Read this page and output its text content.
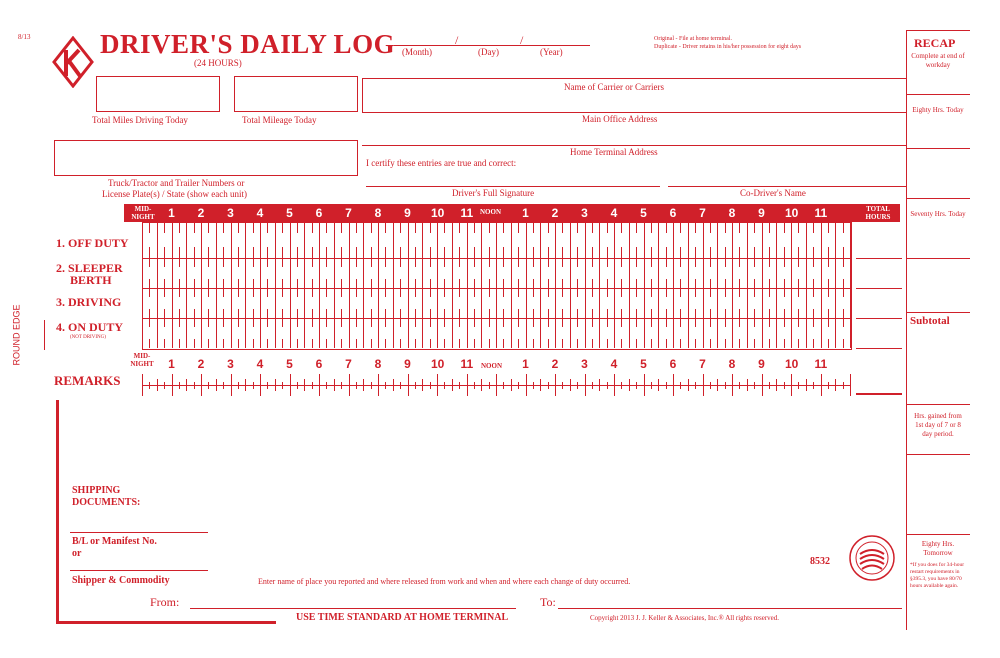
8/13
ROUND EDGE
DRIVER'S DAILY LOG
(24 HOURS)
/	/
(Month)	(Day)	(Year)
Original - File at home terminal.
Duplicate - Driver retains in his/her possession for eight days
Total Miles Driving Today	Total Mileage Today
Name of Carrier or Carriers
Main Office Address
Home Terminal Address
I certify these entries are true and correct:
Truck/Tractor and Trailer Numbers or
License Plate(s) / State (show each unit)	Driver's Full Signature	Co-Driver's Name
RECAP
Complete at end of workday
Eighty Hrs. Today
Seventy Hrs. Today
Subtotal
Hrs. gained from 1st day of 7 or 8 day period.
Eighty Hrs. Tomorrow
*If you does for 34-hour restart requirements in §395.3, you have 80/70 hours available again.
MID-
NIGHT
TOTAL
HOURS
1 2 3 4 5 6 7 8 9 10 11	1 2 3 4 5 6 7 8 9 10 11
NOON
1. OFF DUTY
2. SLEEPER
BERTH
3. DRIVING
4. ON DUTY
(NOT DRIVING)
MID-
NIGHT	1 2 3 4 5 6 7 8 9 10 11	1 2 3 4 5 6 7 8 9 10 11
NOON
REMARKS
SHIPPING
DOCUMENTS:
B/L or Manifest No.
or
Shipper & Commodity
From:	To:
Enter name of place you reported and where released from work and when and where each change of duty occurred.
USE TIME STANDARD AT HOME TERMINAL	Copyright 2013 J. J. Keller & Associates, Inc.® All rights reserved.
8532
